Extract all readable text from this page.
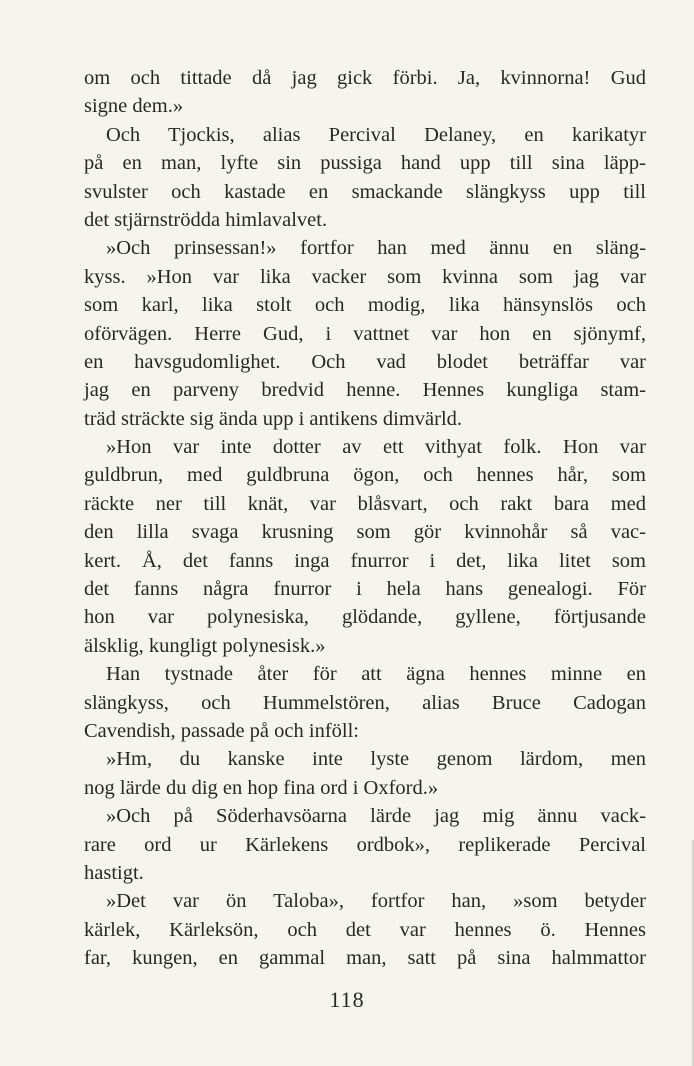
om och tittade då jag gick förbi. Ja, kvinnorna! Gud
signe dem.»
Och Tjockis, alias Percival Delaney, en karikatyr
på en man, lyfte sin pussiga hand upp till sina läpp-
svulster och kastade en smackande slängkyss upp till
det stjärnströdda himlavalvet.
»Och prinsessan!» fortfor han med ännu en släng-
kyss. »Hon var lika vacker som kvinna som jag var
som karl, lika stolt och modig, lika hänsynslös och
oförvägen. Herre Gud, i vattnet var hon en sjönymf,
en havsgudomlighet. Och vad blodet beträffar var
jag en parveny bredvid henne. Hennes kungliga stam-
träd sträckte sig ända upp i antikens dimvärld.
»Hon var inte dotter av ett vithyat folk. Hon var
guldbrun, med guldbruna ögon, och hennes hår, som
räckte ner till knät, var blåsvart, och rakt bara med
den lilla svaga krusning som gör kvinnohår så vac-
kert. Å, det fanns inga fnurror i det, lika litet som
det fanns några fnurror i hela hans genealogi. För
hon var polynesiska, glödande, gyllene, förtjusande
älsklig, kungligt polynesisk.»
Han tystnade åter för att ägna hennes minne en
slängkyss, och Hummelstören, alias Bruce Cadogan
Cavendish, passade på och inföll:
»Hm, du kanske inte lyste genom lärdom, men
nog lärde du dig en hop fina ord i Oxford.»
»Och på Söderhavsöarna lärde jag mig ännu vack-
rare ord ur Kärlekens ordbok», replikerade Percival
hastigt.
»Det var ön Taloba», fortfor han, »som betyder
kärlek, Kärleksön, och det var hennes ö. Hennes
far, kungen, en gammal man, satt på sina halmmattor
118
